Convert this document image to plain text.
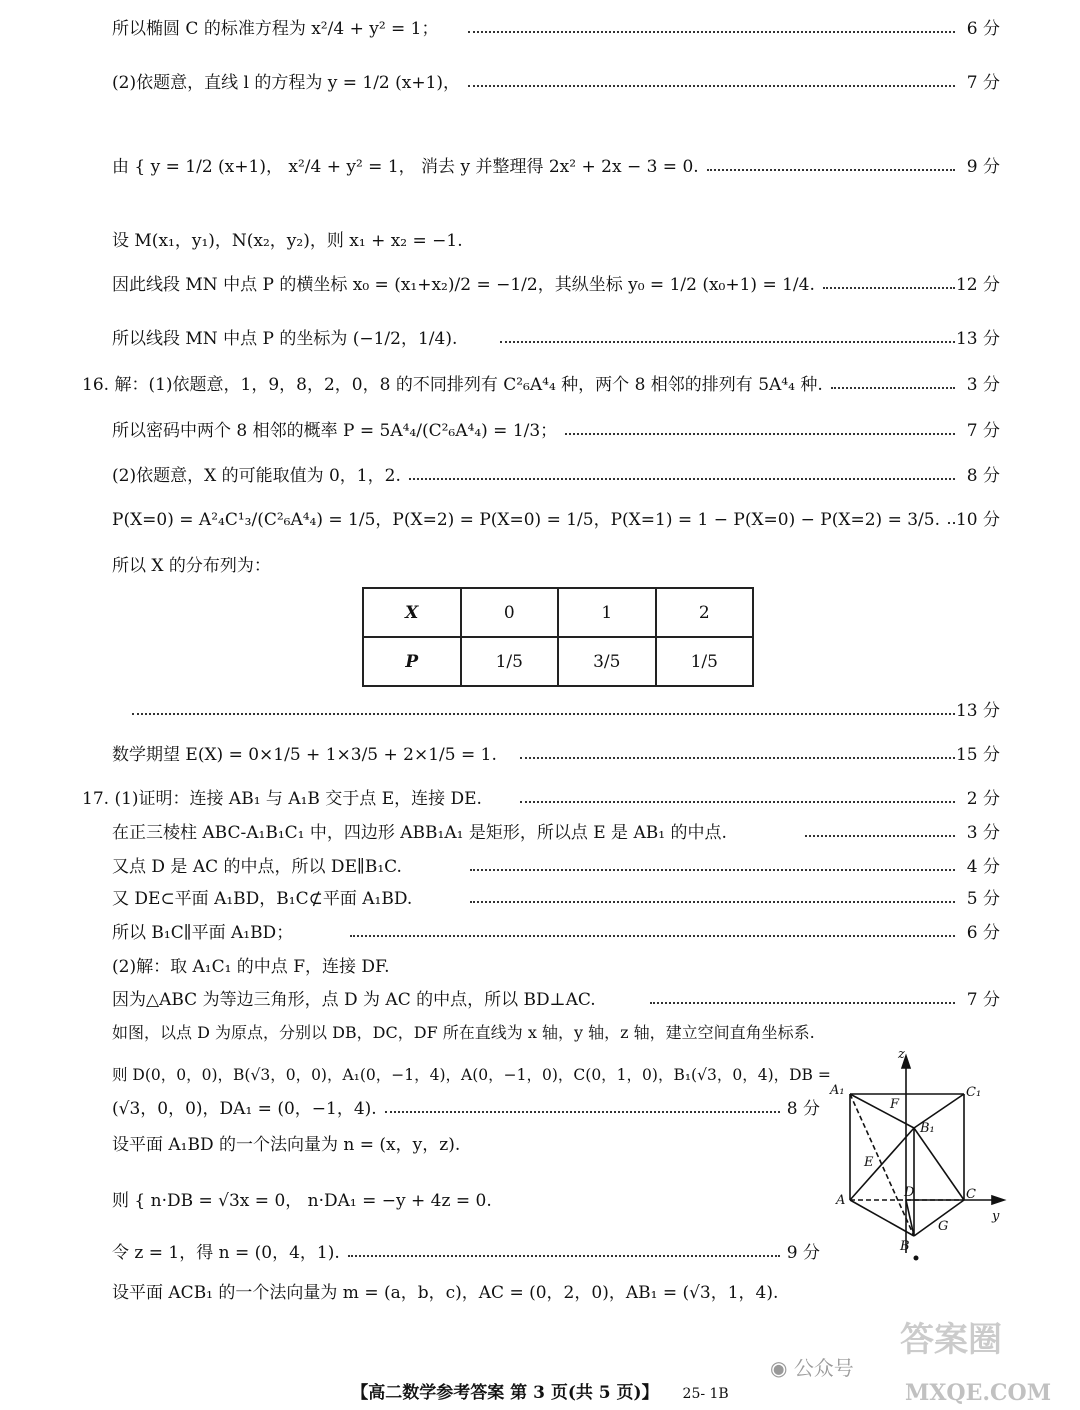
所以椭圆 C 的标准方程为 x²/4 + y² = 1；	6 分
(2)依题意，直线 l 的方程为 y = 1/2 (x+1)，	7 分
由 { y = 1/2 (x+1)， x²/4 + y² = 1， 消去 y 并整理得 2x² + 2x − 3 = 0.	9 分
设 M(x₁，y₁)，N(x₂，y₂)，则 x₁ + x₂ = −1.
因此线段 MN 中点 P 的横坐标 x₀ = (x₁+x₂)/2 = −1/2，其纵坐标 y₀ = 1/2 (x₀+1) = 1/4.	12 分
所以线段 MN 中点 P 的坐标为 (−1/2，1/4).	13 分
16. 解：(1)依题意，1，9，8，2，0，8 的不同排列有 C²₆A⁴₄ 种，两个 8 相邻的排列有 5A⁴₄ 种.	3 分
所以密码中两个 8 相邻的概率 P = 5A⁴₄/(C²₆A⁴₄) = 1/3；	7 分
(2)依题意，X 的可能取值为 0，1，2.	8 分
P(X=0) = A²₄C¹₃/(C²₆A⁴₄) = 1/5，P(X=2) = P(X=0) = 1/5，P(X=1) = 1 − P(X=0) − P(X=2) = 3/5. 10 分
所以 X 的分布列为：
X	0	1	2
P	1/5	3/5	1/5
13 分
数学期望 E(X) = 0×1/5 + 1×3/5 + 2×1/5 = 1.	15 分
17. (1)证明：连接 AB₁ 与 A₁B 交于点 E，连接 DE.	2 分
在正三棱柱 ABC-A₁B₁C₁ 中，四边形 ABB₁A₁ 是矩形，所以点 E 是 AB₁ 的中点.	3 分
又点 D 是 AC 的中点，所以 DE∥B₁C.	4 分
又 DE⊂平面 A₁BD，B₁C⊄平面 A₁BD.	5 分
所以 B₁C∥平面 A₁BD；	6 分
(2)解：取 A₁C₁ 的中点 F，连接 DF.
因为△ABC 为等边三角形，点 D 为 AC 的中点，所以 BD⊥AC.	7 分
如图，以点 D 为原点，分别以 DB，DC，DF 所在直线为 x 轴，y 轴，z 轴，建立空间直角坐标系.
则 D(0，0，0)，B(√3，0，0)，A₁(0，−1，4)，A(0，−1，0)，C(0，1，0)，B₁(√3，0，4)，DB =
(√3，0，0)，DA₁ = (0，−1，4).	8 分
设平面 A₁BD 的一个法向量为 n = (x，y，z).
则 { n·DB = √3x = 0， n·DA₁ = −y + 4z = 0.
令 z = 1，得 n = (0，4，1).	9 分
设平面 ACB₁ 的一个法向量为 m = (a，b，c)，AC = (0，2，0)，AB₁ = (√3，1，4).
z
A₁
F
C₁
B₁
E
D
A	C
y
G
B
◉ 公众号
答案圈
MXQE.COM
【高二数学参考答案 第 3 页(共 5 页)】 25- 1B
